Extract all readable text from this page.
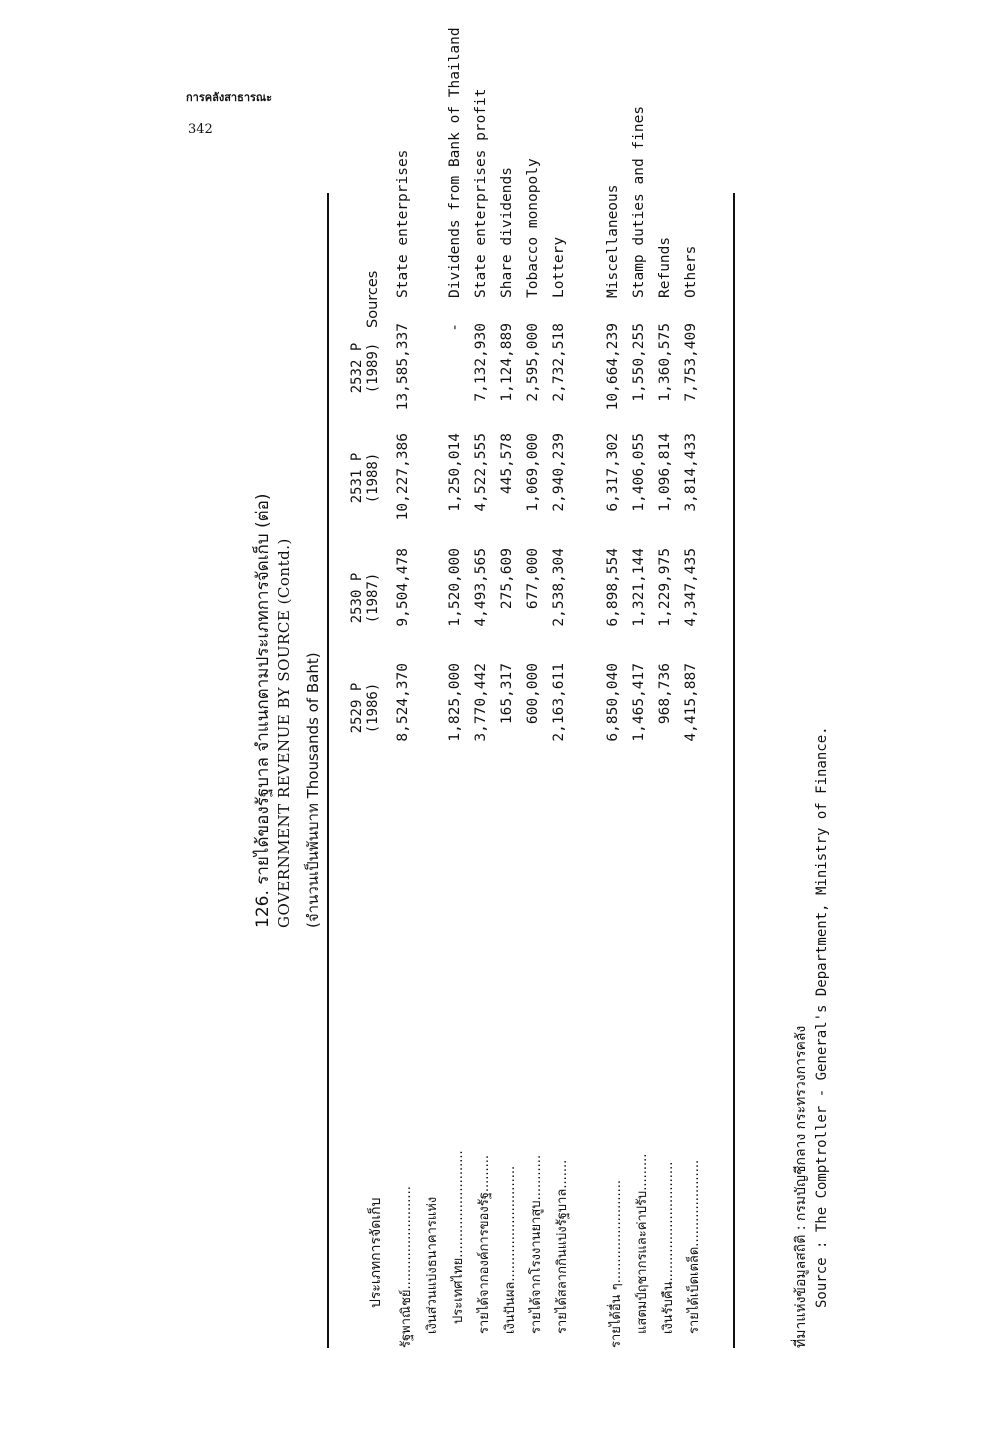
การคลังสาธารณะ
342
126. รายได้ของรัฐบาล จำแนกตามประเภทการจัดเก็บ (ต่อ) GOVERNMENT REVENUE BY SOURCE (Contd.) (จำนวนเป็นพันบาท Thousands of Baht)
ประเภทการจัดเก็บ
2529 P (1986)
2530 P (1987)
2531 P (1988)
2532 P (1989)
Sources
รัฐพาณิชย์.........................
8,524,370
9,504,478
10,227,386
13,585,337
State enterprises
เงินส่วนแบ่งธนาคารแห่ง ประเทศไทย..........................
1,825,000
1,520,000
1,250,014
-
Dividends from Bank of Thailand
รายได้จากองค์การของรัฐ.........
3,770,442
4,493,565
4,522,555
7,132,930
State enterprises profit
เงินปันผล............................
165,317
275,609
445,578
1,124,889
Share dividends
รายได้จากโรงงานยาสูบ...........
600,000
677,000
1,069,000
2,595,000
Tobacco monopoly
รายได้สลากกินแบ่งรัฐบาล.......
2,163,611
2,538,304
2,940,239
2,732,518
Lottery
รายได้อื่น ๆ.........................
6,850,040
6,898,554
6,317,302
10,664,239
Miscellaneous
แสตมป์ฤชากรและค่าปรับ.........
1,465,417
1,321,144
1,406,055
1,550,255
Stamp duties and fines
เงินรับคืน.............................
968,736
1,229,975
1,096,814
1,360,575
Refunds
รายได้เบ็ดเตล็ด.....................
4,415,887
4,347,435
3,814,433
7,753,409
Others
ที่มาแห่งข้อมูลสถิติ : กรมบัญชีกลาง กระทรวงการคลัง Source : The Comptroller - General's Department, Ministry of Finance.
